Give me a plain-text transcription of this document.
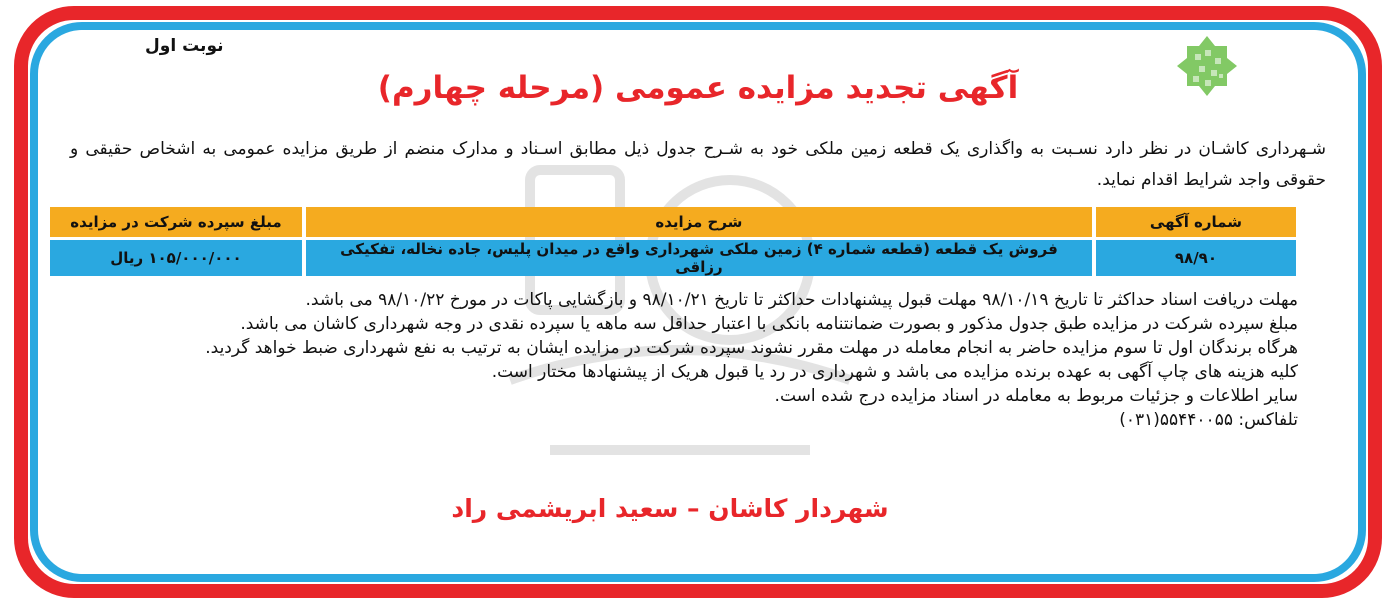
نوبت اول
آگهی تجدید مزایده عمومی (مرحله چهارم)
شـهرداری کاشـان در نظر دارد نسـبت به واگذاری یک قطعه زمین ملکی خود به شـرح جدول ذیل مطابق اسـناد و مدارک منضم از طریق مزایده عمومی به اشخاص حقیقی و حقوقی واجد شرایط اقدام نماید.
شماره آگهی	شرح مزایده	مبلغ سپرده شرکت در مزایده
۹۸/۹۰	فروش یک قطعه (قطعه شماره ۴) زمین ملکی شهرداری واقع در میدان پلیس، جاده نخاله، تفکیکی رزاقی	۱۰۵/۰۰۰/۰۰۰ ریال

مهلت دریافت اسناد حداکثر تا تاریخ ۹۸/۱۰/۱۹ مهلت قبول پیشنهادات حداکثر تا تاریخ ۹۸/۱۰/۲۱ و بازگشایی پاکات در مورخ ۹۸/۱۰/۲۲ می باشد.

مبلغ سپرده شرکت در مزایده طبق جدول مذکور و بصورت ضمانتنامه بانکی با اعتبار حداقل سه ماهه یا سپرده نقدی در وجه شهرداری کاشان می باشد.

هرگاه برندگان اول تا سوم مزایده حاضر به انجام معامله در مهلت مقرر نشوند سپرده شرکت در مزایده ایشان به ترتیب به نفع شهرداری ضبط خواهد گردید.

کلیه هزینه های چاپ آگهی به عهده برنده مزایده می باشد و شهرداری در رد یا قبول هریک از پیشنهادها مختار است.

سایر اطلاعات و جزئیات مربوط به معامله در اسناد مزایده درج شده است.

تلفاکس: ۵۵۴۴۰۰۵۵(۰۳۱)

شهردار کاشان – سعید ابریشمی راد
